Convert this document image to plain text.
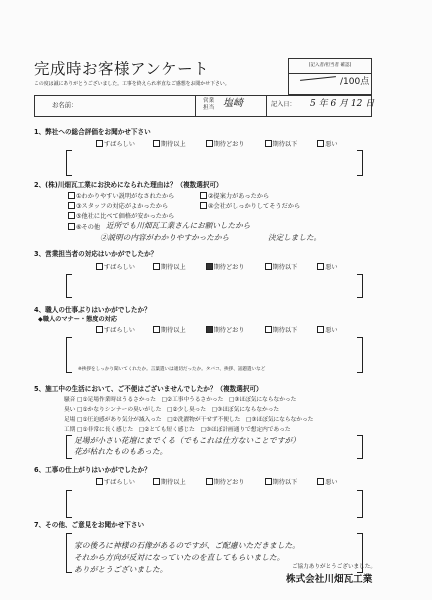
完成時お客様アンケート	[記入者/担当者 確認]
/100点
この度は誠にありがとうございました。工事を終えられ率直なご感想をお聞かせ下さい。
お名前：	営業
担当 塩崎	記入日： 5 年 6 月 12 日
1、弊社への総合評価をお聞かせ下さい
すばらしい	期待以上	期待どおり	期待以下	悪い
2、(株)川畑瓦工業にお決めになられた理由は？（複数選択可）
①わかりやすい説明がなされたから	②提案力があったから
③スタッフの対応がよかったから	④会社がしっかりしてそうだから
⑤他社に比べて価格が安かったから
⑥その他 近所でも川畑瓦工業さんにお願いしたから
②説明の内容がわかりやすかったから	決定しました。
3、営業担当者の対応はいかがでしたか？
すばらしい	期待以上	期待どおり	期待以下	悪い
4、職人の仕事ぶりはいかがでしたか？
◆職人のマナー・態度の対応
すばらしい	期待以上	期待どおり	期待以下	悪い
※挨拶をしっかり聞いてくれたか。言葉遣いは適切だったか。タバコ、挨拶、話題遣いなど
5、施工中の生活において、ご不便はございませんでしたか？（複数選択可）
騒音 □①足場作業時はうるさかった　□②工事中うるさかった　□③ほぼ気にならなかった
臭い □①かなりシンナーの臭いがした　□②少し臭った　□③ほぼ気にならなかった
足場 □①圧迫感があり気分が滅入った　□②洗濯物が干せず不便した　□③ほぼ気にならなかった
工期 □①非常に長く感じた　□②とても短く感じた　□③ほぼ計画通りで想定内であった
足場が小さい花壇にまでくる（でもこれは仕方ないことですが）
花が枯れたものもあった。
6、工事の仕上がりはいかがでしたか？
すばらしい	期待以上	期待どおり	期待以下	悪い
7、その他、ご意見をお聞かせ下さい
家の後ろに神様の石像があるのですが、ご配慮いただきました。
それから方向が反対になっていたのを直してもらいました。
ありがとうございました。	ご協力ありがとうございました。
株式会社川畑瓦工業
